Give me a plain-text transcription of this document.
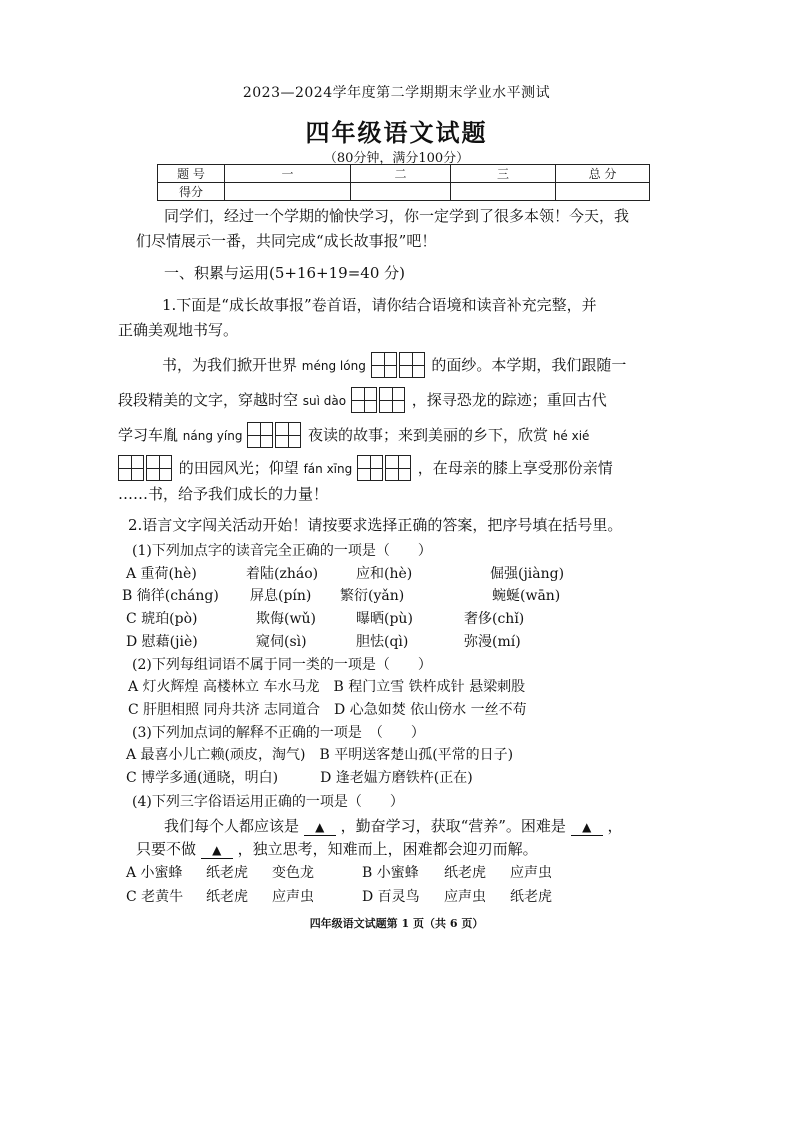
2023—2024学年度第二学期期末学业水平测试
四年级语文试题
（80分钟，满分100分）
题 号	一	二	三	总 分
得分				
同学们，经过一个学期的愉快学习，你一定学到了很多本领！今天，我
们尽情展示一番，共同完成“成长故事报”吧！
一、积累与运用(5+16+19=40 分)
1.下面是“成长故事报”卷首语，请你结合语境和读音补充完整，并
正确美观地书写。
书，为我们掀开世界 méng lóng	的面纱。本学期，我们跟随一
段段精美的文字，穿越时空 suì dào	，探寻恐龙的踪迹；重回古代
学习车胤 náng yíng	夜读的故事；来到美丽的乡下，欣赏 hé xié
的田园风光；仰望 fán xīng	，在母亲的膝上享受那份亲情
……书，给予我们成长的力量！
2.语言文字闯关活动开始！请按要求选择正确的答案，把序号填在括号里。
(1)下列加点字的读音完全正确的一项是（　　）
A 重荷(hè)	着陆(zháo)	应和(hè)	倔强(jiàng)
B 徜徉(cháng) 屏息(pín) 繁衍(yǎn)	蜿蜒(wān)
C 琥珀(pò)	欺侮(wǔ)	曝晒(pù)	奢侈(chǐ)
D 慰藉(jiè)	窥伺(sì)	胆怯(qì)	弥漫(mí)
(2)下列每组词语不属于同一类的一项是（　　）
A 灯火辉煌 高楼林立 车水马龙　B 程门立雪 铁杵成针 悬梁刺股
C 肝胆相照 同舟共济 志同道合　D 心急如焚 依山傍水 一丝不苟
(3)下列加点词的解释不正确的一项是　（　　）
A 最喜小儿亡赖(顽皮，淘气)　B 平明送客楚山孤(平常的日子)
C 博学多通(通晓，明白)　　　D 逢老媪方磨铁杵(正在)
(4)下列三字俗语运用正确的一项是（　　）
我们每个人都应该是 ▲ ，勤奋学习，获取“营养”。困难是 ▲ ，
只要不做 ▲ ，独立思考，知难而上，困难都会迎刃而解。
A 小蜜蜂 纸老虎 变色龙	B 小蜜蜂 纸老虎 应声虫
C 老黄牛 纸老虎 应声虫	D 百灵鸟 应声虫 纸老虎
四年级语文试题第 1 页（共 6 页）
